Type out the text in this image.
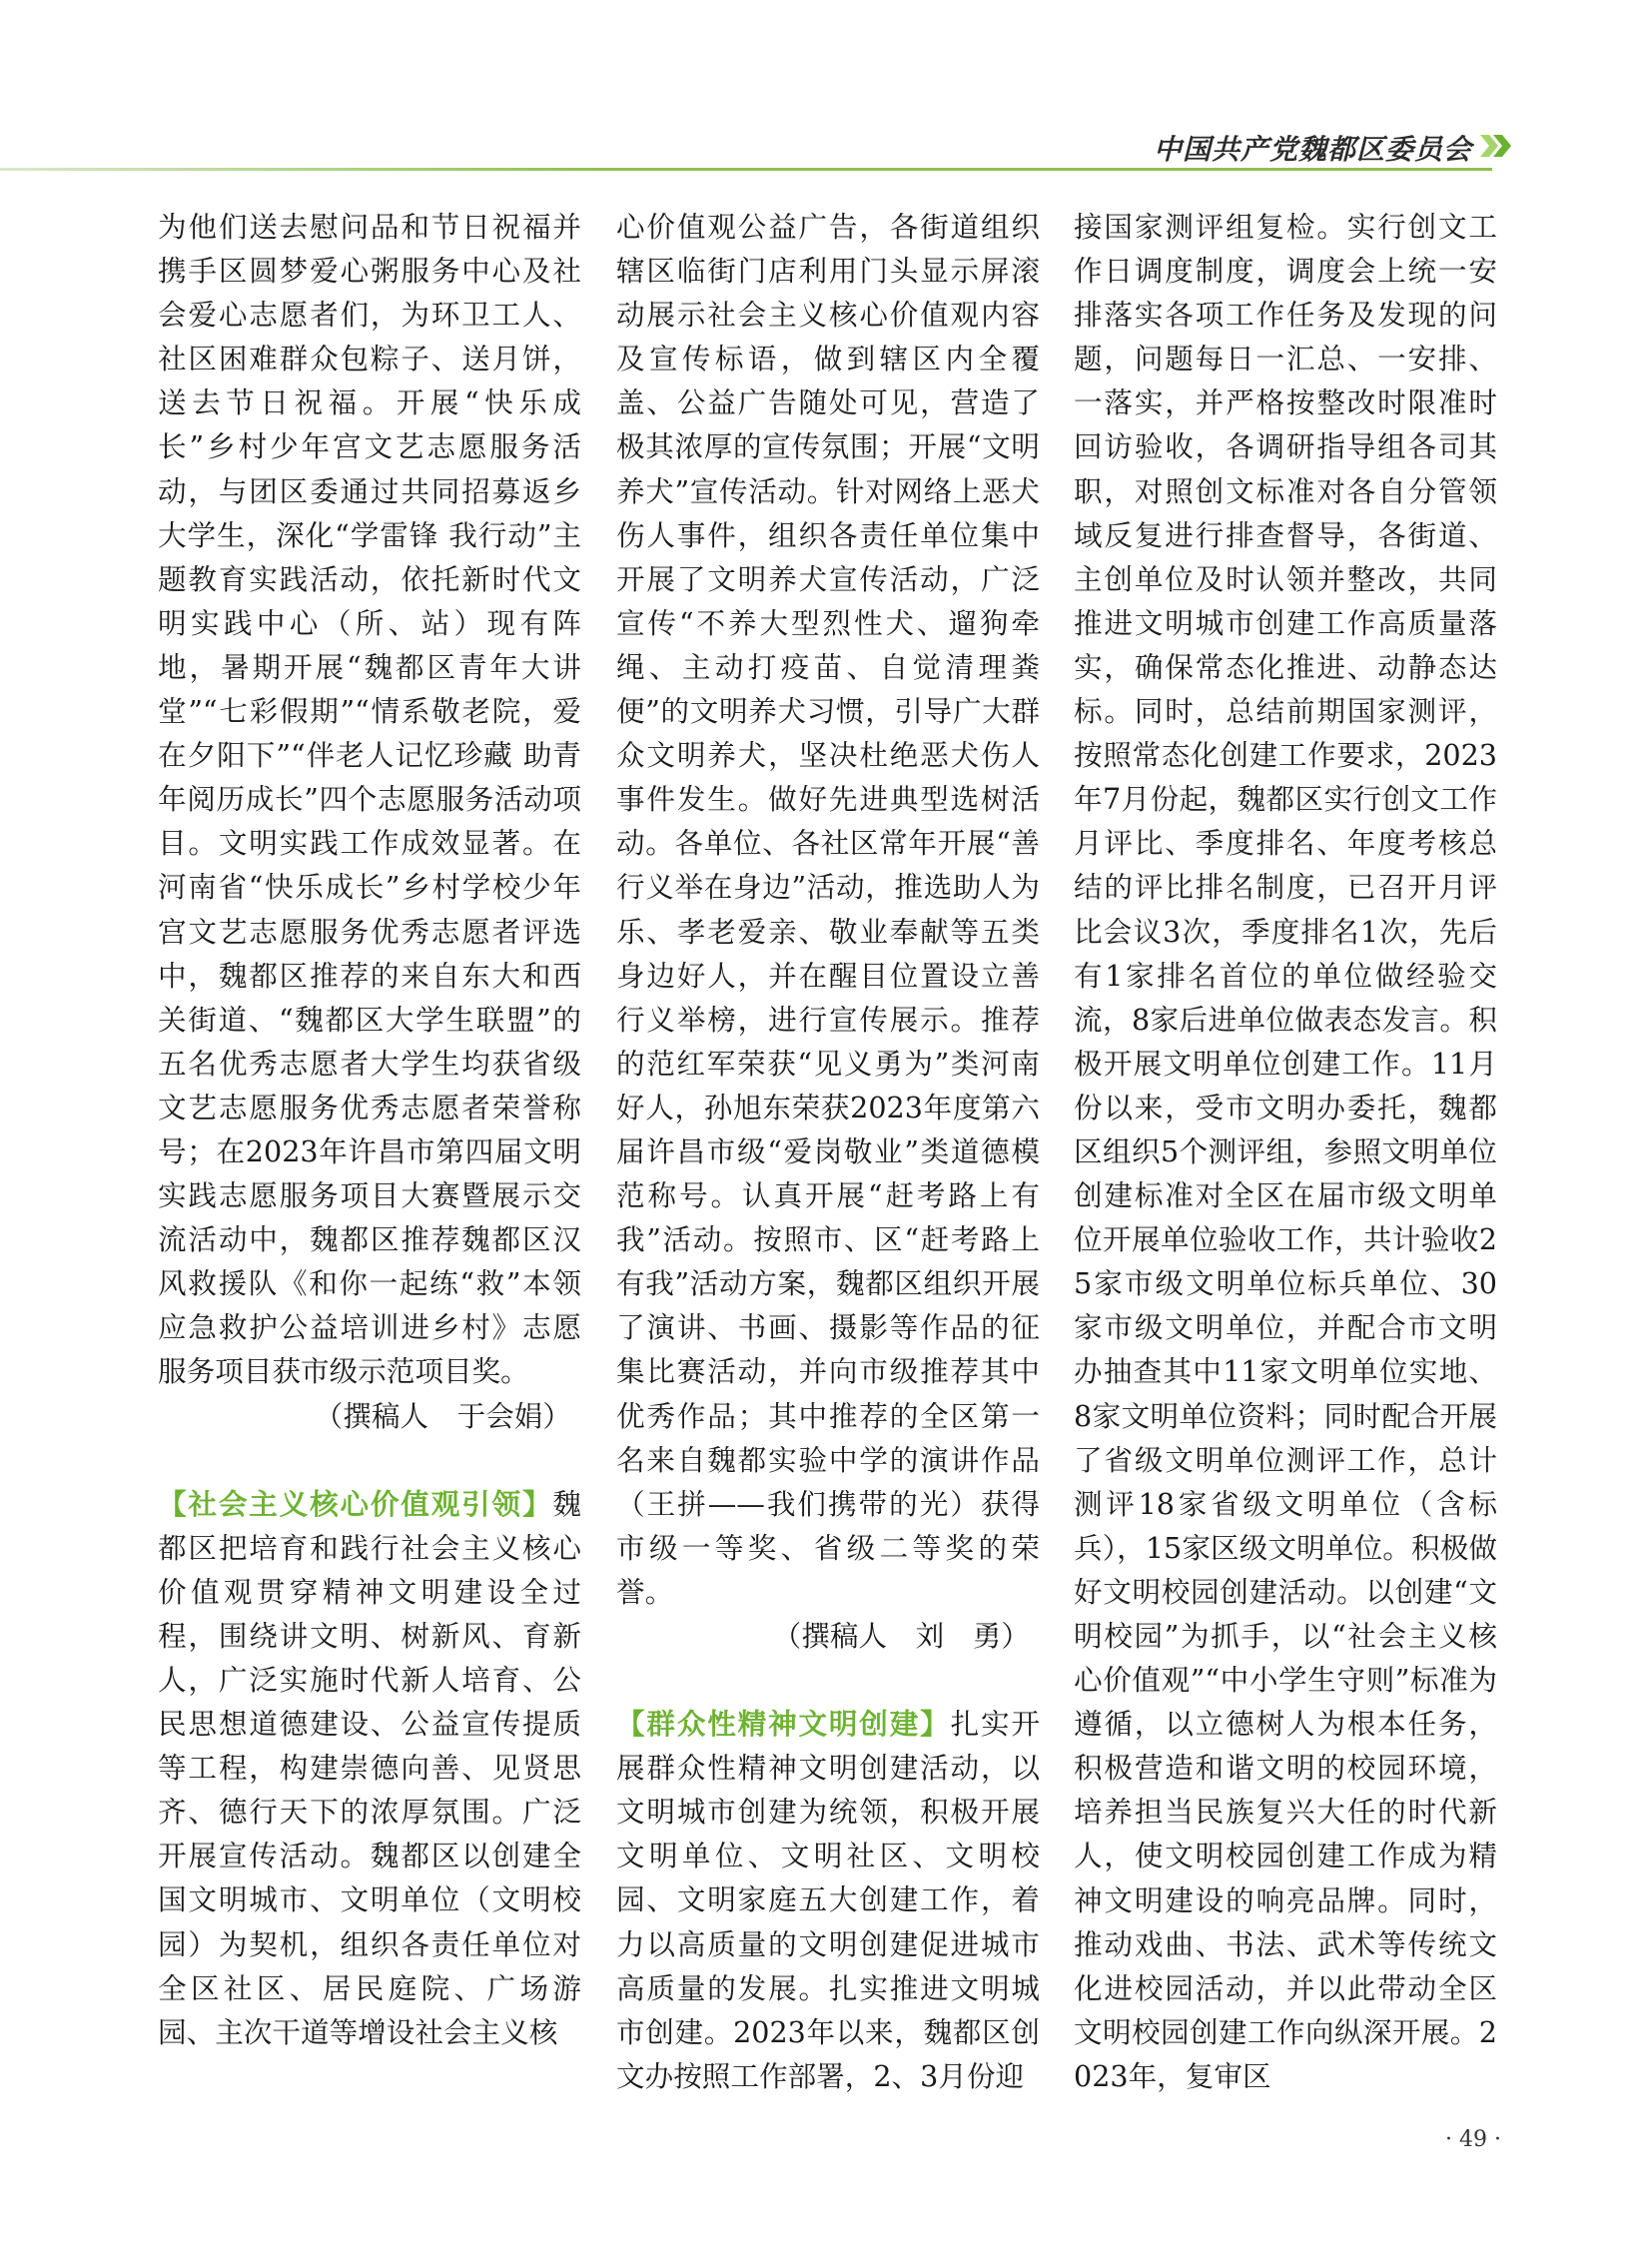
中国共产党魏都区委员会

为他们送去慰问品和节日祝福并携手区圆梦爱心粥服务中心及社会爱心志愿者们，为环卫工人、社区困难群众包粽子、送月饼，送去节日祝福。开展“快乐成长”乡村少年宫文艺志愿服务活动，与团区委通过共同招募返乡大学生，深化“学雷锋 我行动”主题教育实践活动，依托新时代文明实践中心（所、站）现有阵地，暑期开展“魏都区青年大讲堂”“七彩假期”“情系敬老院，爱在夕阳下”“伴老人记忆珍藏 助青年阅历成长”四个志愿服务活动项目。文明实践工作成效显著。在河南省“快乐成长”乡村学校少年宫文艺志愿服务优秀志愿者评选中，魏都区推荐的来自东大和西关街道、“魏都区大学生联盟”的五名优秀志愿者大学生均获省级文艺志愿服务优秀志愿者荣誉称号；在2023年许昌市第四届文明实践志愿服务项目大赛暨展示交流活动中，魏都区推荐魏都区汉风救援队《和你一起练“救”本领 应急救护公益培训进乡村》志愿服务项目获市级示范项目奖。

（撰稿人　于会娟）

【社会主义核心价值观引领】魏都区把培育和践行社会主义核心价值观贯穿精神文明建设全过程，围绕讲文明、树新风、育新人，广泛实施时代新人培育、公民思想道德建设、公益宣传提质等工程，构建崇德向善、见贤思齐、德行天下的浓厚氛围。广泛开展宣传活动。魏都区以创建全国文明城市、文明单位（文明校园）为契机，组织各责任单位对全区社区、居民庭院、广场游园、主次干道等增设社会主义核

心价值观公益广告，各街道组织辖区临街门店利用门头显示屏滚动展示社会主义核心价值观内容及宣传标语，做到辖区内全覆盖、公益广告随处可见，营造了极其浓厚的宣传氛围；开展“文明养犬”宣传活动。针对网络上恶犬伤人事件，组织各责任单位集中开展了文明养犬宣传活动，广泛宣传“不养大型烈性犬、遛狗牵绳、主动打疫苗、自觉清理粪便”的文明养犬习惯，引导广大群众文明养犬，坚决杜绝恶犬伤人事件发生。做好先进典型选树活动。各单位、各社区常年开展“善行义举在身边”活动，推选助人为乐、孝老爱亲、敬业奉献等五类身边好人，并在醒目位置设立善行义举榜，进行宣传展示。推荐的范红军荣获“见义勇为”类河南好人，孙旭东荣获2023年度第六届许昌市级“爱岗敬业”类道德模范称号。认真开展“赶考路上有我”活动。按照市、区“赶考路上有我”活动方案，魏都区组织开展了演讲、书画、摄影等作品的征集比赛活动，并向市级推荐其中优秀作品；其中推荐的全区第一名来自魏都实验中学的演讲作品（王拼——我们携带的光）获得市级一等奖、省级二等奖的荣誉。

（撰稿人　刘　勇）

【群众性精神文明创建】扎实开展群众性精神文明创建活动，以文明城市创建为统领，积极开展文明单位、文明社区、文明校园、文明家庭五大创建工作，着力以高质量的文明创建促进城市高质量的发展。扎实推进文明城市创建。2023年以来，魏都区创文办按照工作部署，2、3月份迎

接国家测评组复检。实行创文工作日调度制度，调度会上统一安排落实各项工作任务及发现的问题，问题每日一汇总、一安排、一落实，并严格按整改时限准时回访验收，各调研指导组各司其职，对照创文标准对各自分管领域反复进行排查督导，各街道、主创单位及时认领并整改，共同推进文明城市创建工作高质量落实，确保常态化推进、动静态达标。同时，总结前期国家测评，按照常态化创建工作要求，2023年7月份起，魏都区实行创文工作月评比、季度排名、年度考核总结的评比排名制度，已召开月评比会议3次，季度排名1次，先后有1家排名首位的单位做经验交流，8家后进单位做表态发言。积极开展文明单位创建工作。11月份以来，受市文明办委托，魏都区组织5个测评组，参照文明单位创建标准对全区在届市级文明单位开展单位验收工作，共计验收25家市级文明单位标兵单位、30家市级文明单位，并配合市文明办抽查其中11家文明单位实地、8家文明单位资料；同时配合开展了省级文明单位测评工作，总计测评18家省级文明单位（含标兵），15家区级文明单位。积极做好文明校园创建活动。以创建“文明校园”为抓手，以“社会主义核心价值观”“中小学生守则”标准为遵循，以立德树人为根本任务，积极营造和谐文明的校园环境，培养担当民族复兴大任的时代新人，使文明校园创建工作成为精神文明建设的响亮品牌。同时，推动戏曲、书法、武术等传统文化进校园活动，并以此带动全区文明校园创建工作向纵深开展。2023年，复审区

· 49 ·
